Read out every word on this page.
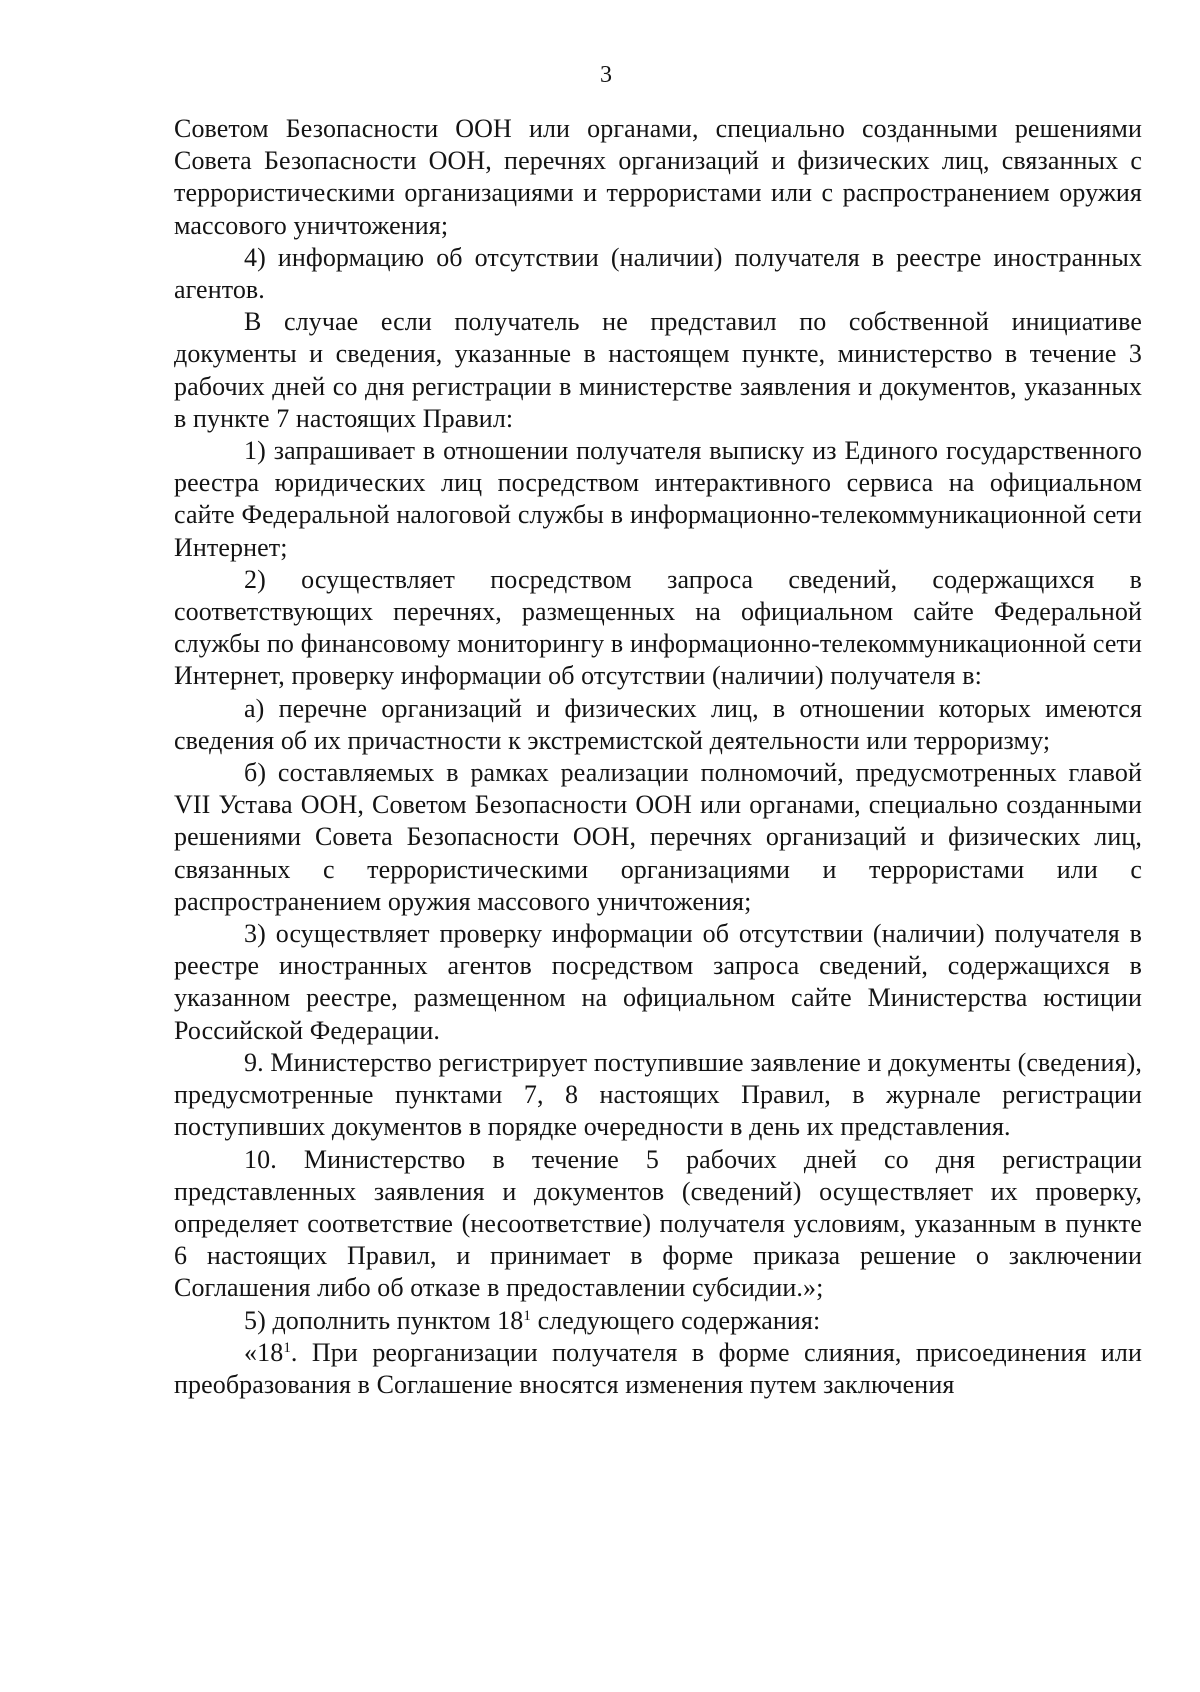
3

Советом Безопасности ООН или органами, специально созданными решениями Совета Безопасности ООН, перечнях организаций и физических лиц, связанных с террористическими организациями и террористами или с распространением оружия массового уничтожения;

4) информацию об отсутствии (наличии) получателя в реестре иностранных агентов.

В случае если получатель не представил по собственной инициативе документы и сведения, указанные в настоящем пункте, министерство в течение 3 рабочих дней со дня регистрации в министерстве заявления и документов, указанных в пункте 7 настоящих Правил:

1) запрашивает в отношении получателя выписку из Единого государственного реестра юридических лиц посредством интерактивного сервиса на официальном сайте Федеральной налоговой службы в информационно-телекоммуникационной сети Интернет;

2) осуществляет посредством запроса сведений, содержащихся в соответствующих перечнях, размещенных на официальном сайте Федеральной службы по финансовому мониторингу в информационно-телекоммуникационной сети Интернет, проверку информации об отсутствии (наличии) получателя в:

а) перечне организаций и физических лиц, в отношении которых имеются сведения об их причастности к экстремистской деятельности или терроризму;

б) составляемых в рамках реализации полномочий, предусмотренных главой VII Устава ООН, Советом Безопасности ООН или органами, специально созданными решениями Совета Безопасности ООН, перечнях организаций и физических лиц, связанных с террористическими организациями и террористами или с распространением оружия массового уничтожения;

3) осуществляет проверку информации об отсутствии (наличии) получателя в реестре иностранных агентов посредством запроса сведений, содержащихся в указанном реестре, размещенном на официальном сайте Министерства юстиции Российской Федерации.

9. Министерство регистрирует поступившие заявление и документы (сведения), предусмотренные пунктами 7, 8 настоящих Правил, в журнале регистрации поступивших документов в порядке очередности в день их представления.

10. Министерство в течение 5 рабочих дней со дня регистрации представленных заявления и документов (сведений) осуществляет их проверку, определяет соответствие (несоответствие) получателя условиям, указанным в пункте 6 настоящих Правил, и принимает в форме приказа решение о заключении Соглашения либо об отказе в предоставлении субсидии.»;

5) дополнить пунктом $18^1$ следующего содержания:

«$18^1$. При реорганизации получателя в форме слияния, присоединения или преобразования в Соглашение вносятся изменения путем заключения
